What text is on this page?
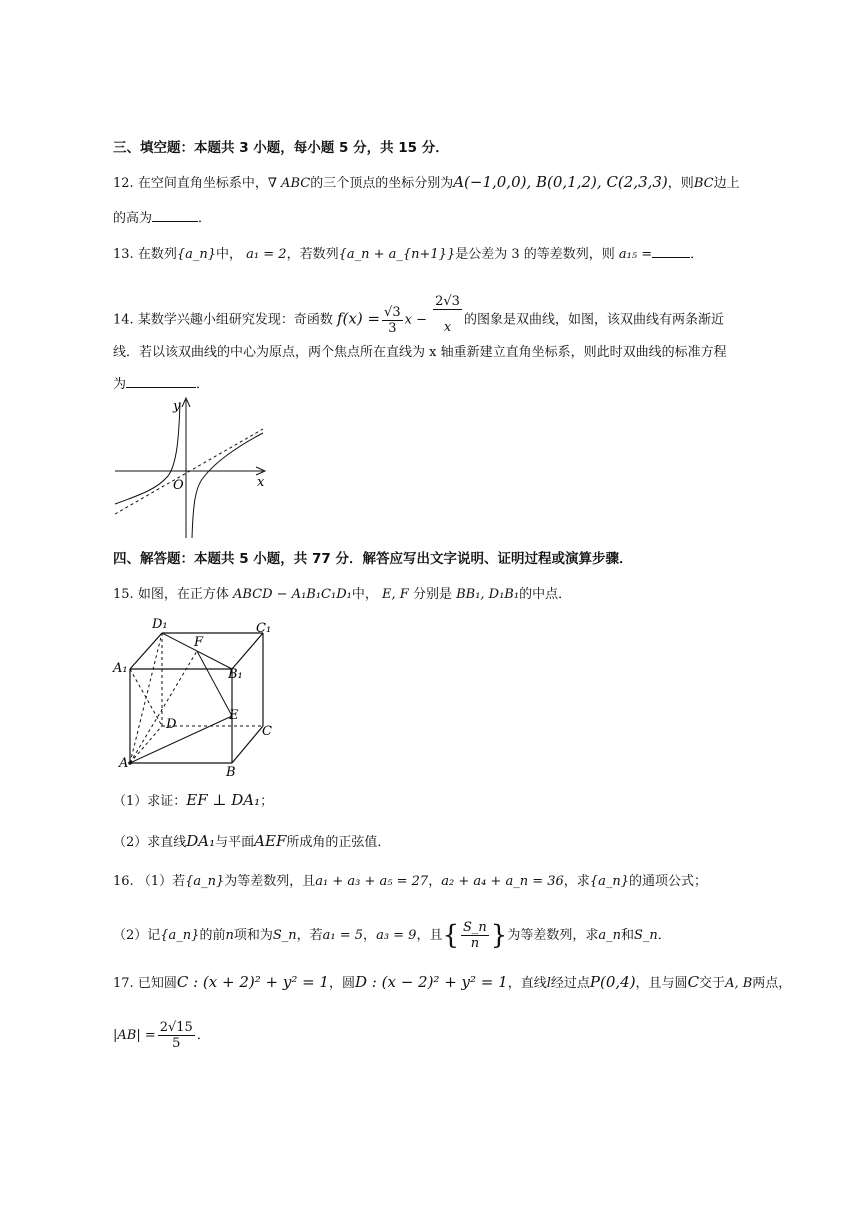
三、填空题：本题共 3 小题，每小题 5 分，共 15 分．
12. 在空间直角坐标系中，∇ ABC的三个顶点的坐标分别为A(−1,0,0), B(0,1,2), C(2,3,3)，则BC边上
的高为	．
13. 在数列{a_n}中， a₁ = 2，若数列{a_n + a_{n+1}}是公差为 3 的等差数列，则 a₁₅ =	．
14. 某数学兴趣小组研究发现：奇函数 $f(x) = \frac{√3}{3}$ $x - \frac{2√3}{x}$ 的图象是双曲线，如图，该双曲线有两条渐近
线．若以该双曲线的中心为原点，两个焦点所在直线为 x 轴重新建立直角坐标系，则此时双曲线的标准方程
为	．
y
x
O
四、解答题：本题共 5 小题，共 77 分．解答应写出文字说明、证明过程或演算步骤．
15. 如图，在正方体 ABCD − A₁B₁C₁D₁中， E, F 分别是 BB₁, D₁B₁的中点．
D₁
F
C₁
A₁	B₁
D
E
C
A
B
（1）求证：EF ⊥ DA₁；
（2）求直线DA₁与平面AEF所成角的正弦值．
16. （1）若{a_n}为等差数列，且a₁ + a₃ + a₅ = 27，a₂ + a₄ + a_n = 36，求{a_n}的通项公式；
（2）记{a_n}的前n项和为S_n，若a₁ = 5，a₃ = 9，且{ $\frac{S\_n}{n}$ }为等差数列，求a_n和S_n．
17. 已知圆C : (x + 2)² + y² = 1，圆D : (x − 2)² + y² = 1，直线l经过点P(0,4)，且与圆C交于A, B两点，
$|AB| = \frac{2√15}{5}$ ．
